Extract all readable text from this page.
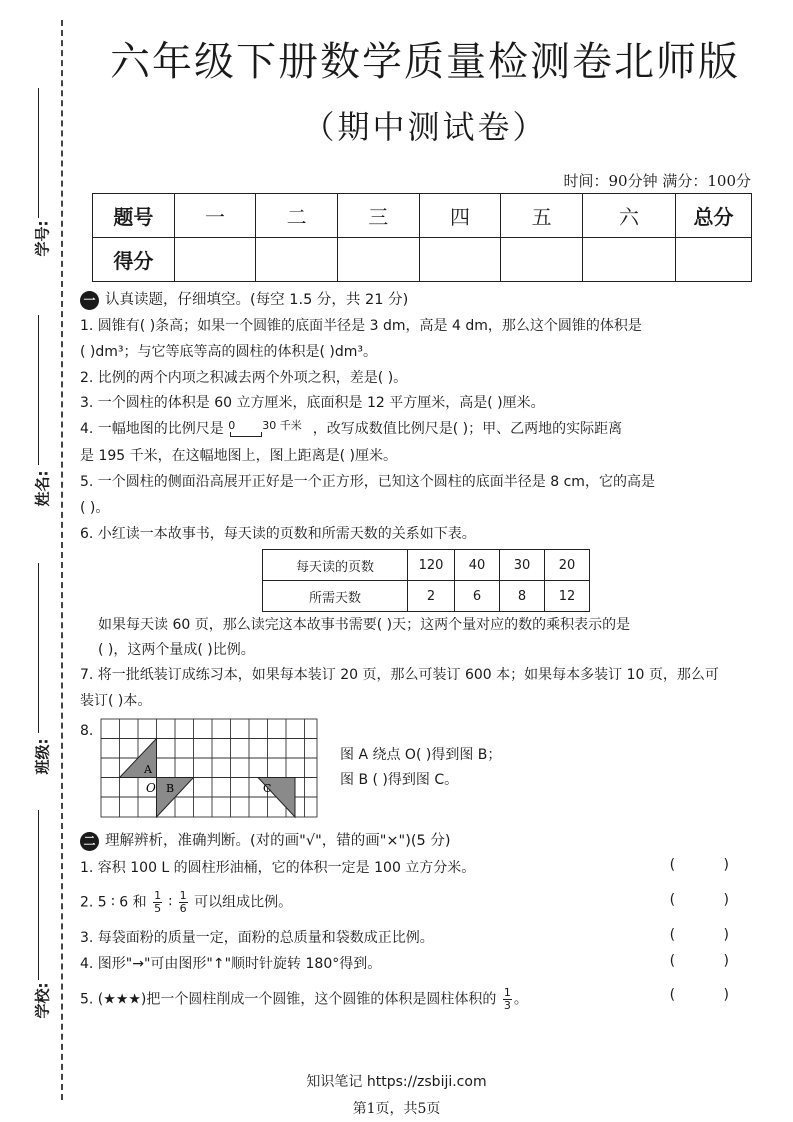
学号:
姓名:
班级:
学校:
六年级下册数学质量检测卷北师版
（期中测试卷）
时间：90分钟 满分：100分
题号	一	二	三	四	五	六	总分
得分							
一 认真读题，仔细填空。(每空 1.5 分，共 21 分)
1. 圆锥有( )条高；如果一个圆锥的底面半径是 3 dm，高是 4 dm，那么这个圆锥的体积是
( )dm³；与它等底等高的圆柱的体积是( )dm³。
2. 比例的两个内项之积减去两个外项之积，差是( )。
3. 一个圆柱的体积是 60 立方厘米，底面积是 12 平方厘米，高是( )厘米。
4. 一幅地图的比例尺是 0 30 千米 ，改写成数值比例尺是( )；甲、乙两地的实际距离
是 195 千米，在这幅地图上，图上距离是( )厘米。
5. 一个圆柱的侧面沿高展开正好是一个正方形，已知这个圆柱的底面半径是 8 cm，它的高是
( )。
6. 小红读一本故事书，每天读的页数和所需天数的关系如下表。
每天读的页数	120	40	30	20
所需天数	2	6	8	12
如果每天读 60 页，那么读完这本故事书需要( )天；这两个量对应的数的乘积表示的是
( )，这两个量成( )比例。
7. 将一批纸装订成练习本，如果每本装订 20 页，那么可装订 600 本；如果每本多装订 10 页，那么可
装订( )本。
8.
A
O B	C
图 A 绕点 O( )得到图 B；
图 B ( )得到图 C。
二 理解辨析，准确判断。(对的画"√"，错的画"×")(5 分)
1. 容积 100 L 的圆柱形油桶，它的体积一定是 100 立方分米。	( )
2. 5 ∶ 6 和 $\frac{1}{5}$ ∶ $\frac{1}{6}$ 可以组成比例。	( )
3. 每袋面粉的质量一定，面粉的总质量和袋数成正比例。	( )
4. 图形"→"可由图形"↑"顺时针旋转 180°得到。	( )
5. (★★★)把一个圆柱削成一个圆锥，这个圆锥的体积是圆柱体积的 $\frac{1}{3}$ 。	( )
知识笔记 https://zsbiji.com
第1页，共5页
